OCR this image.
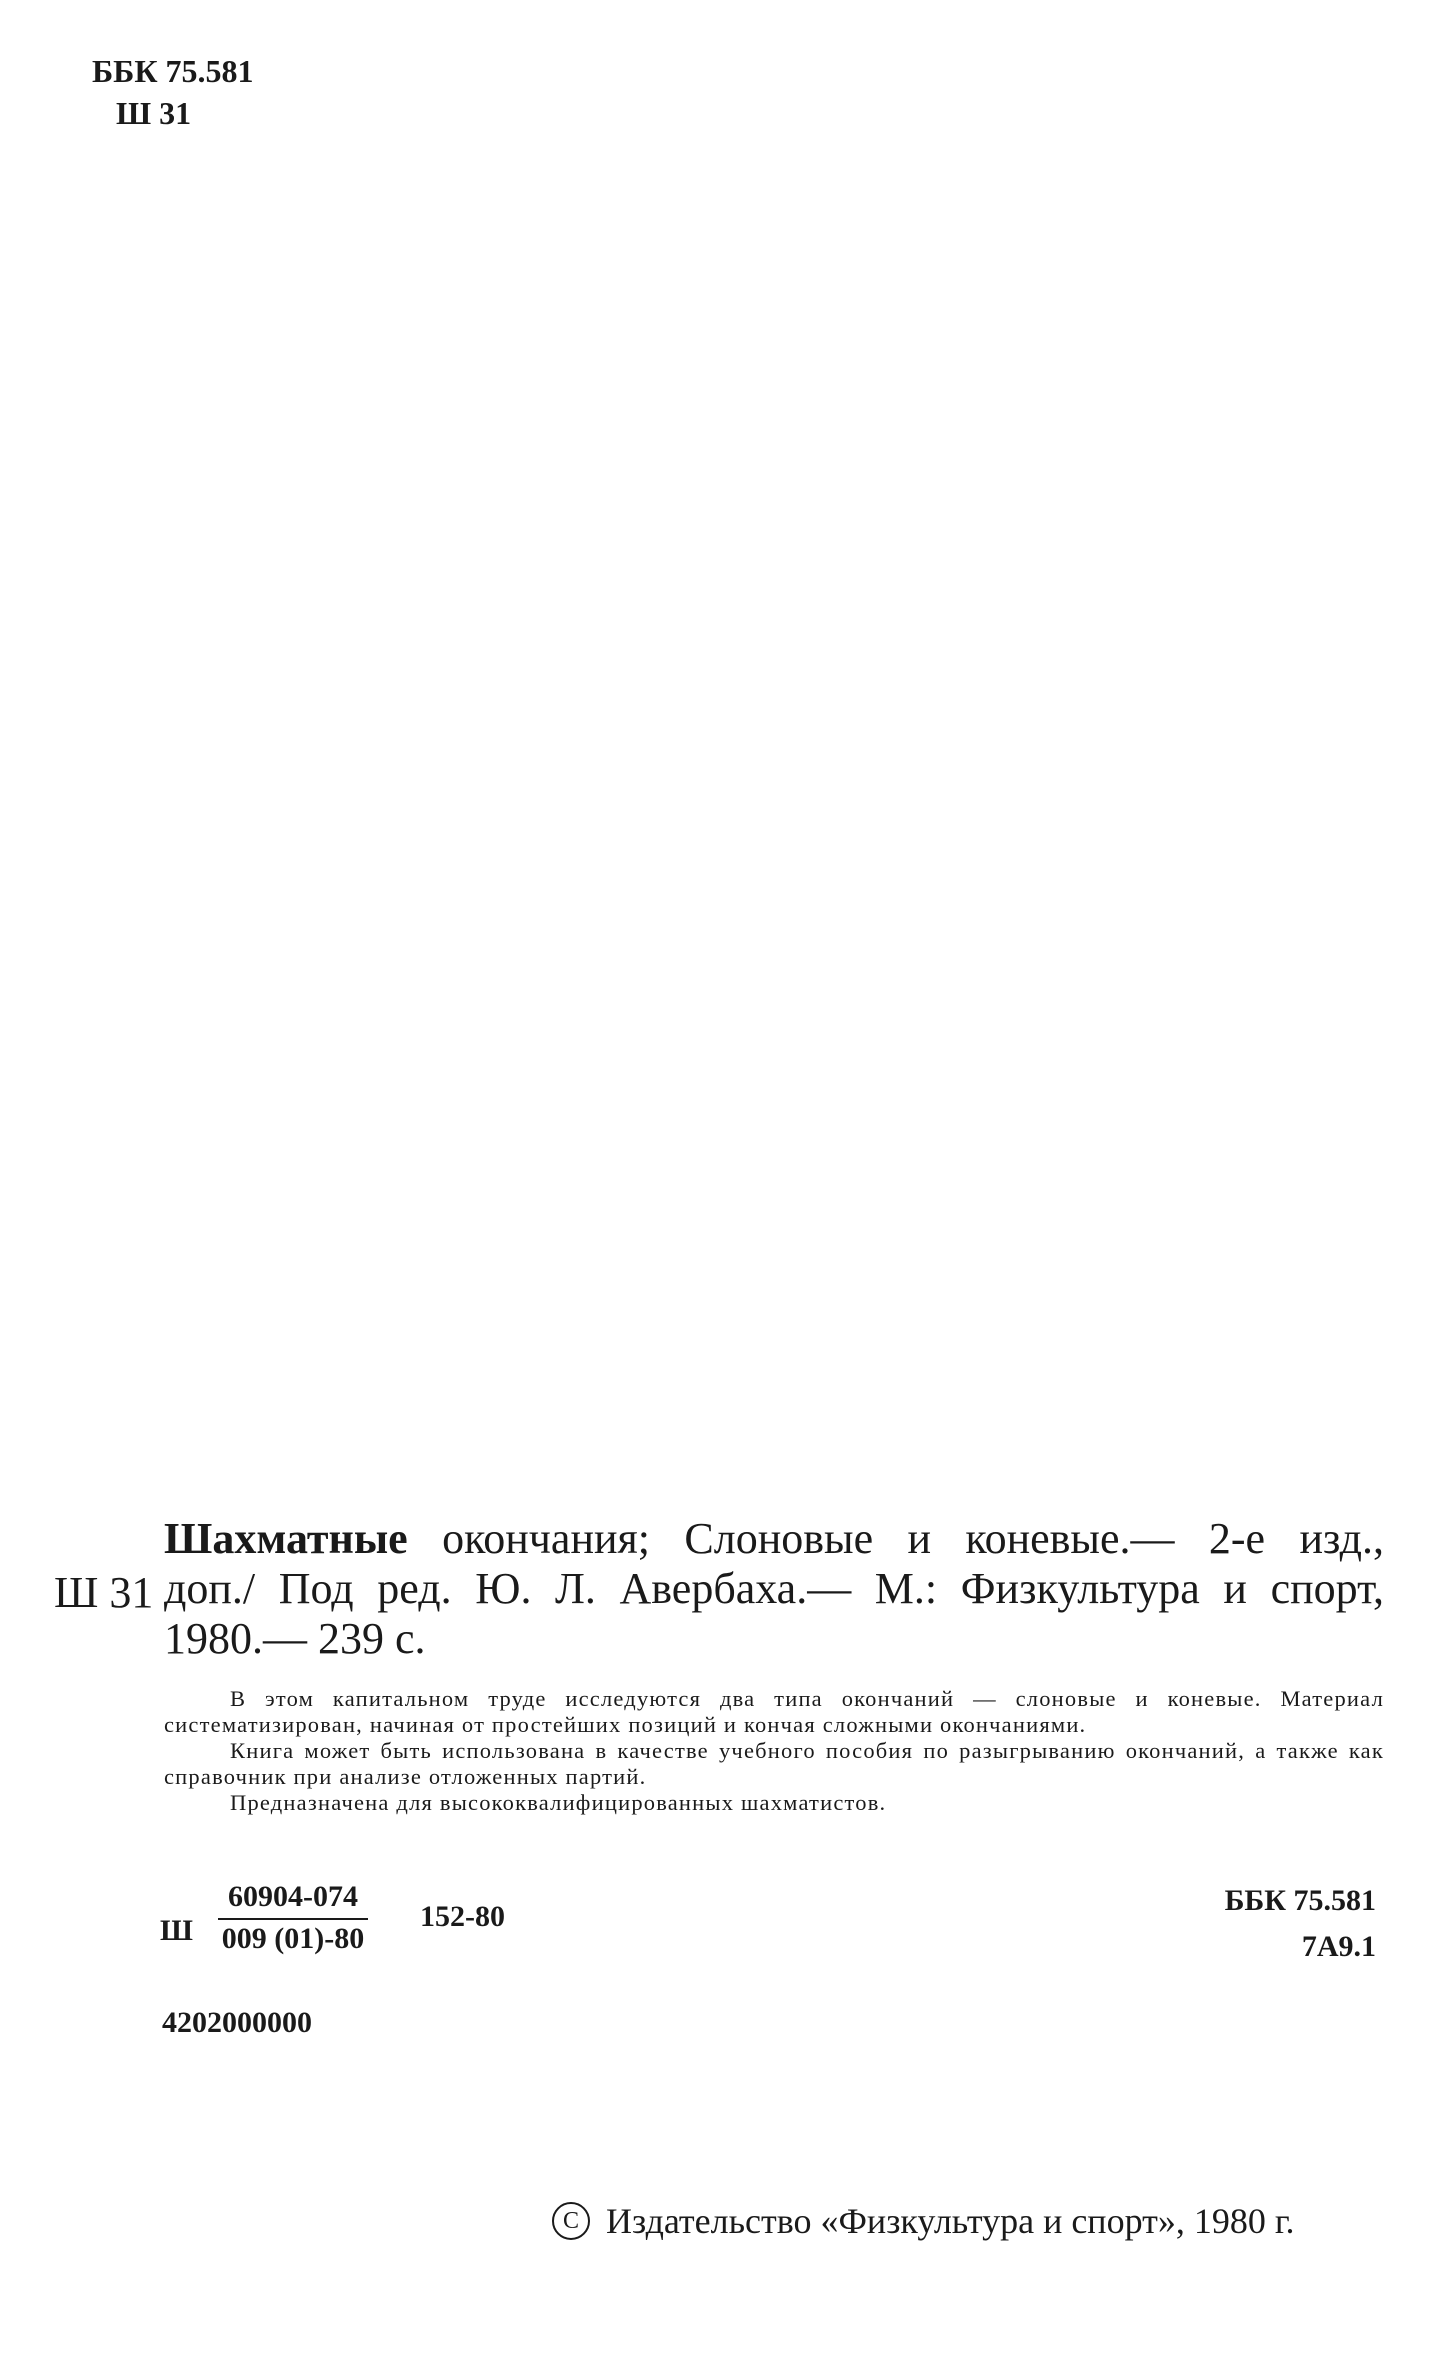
ББК 75.581
Ш 31
Ш 31
Шахматные окончания; Слоновые и коневые.— 2-е изд.,
доп./ Под ред. Ю. Л. Авербаха.— М.: Физкультура и спорт,
1980.— 239 с.

В этом капитальном труде исследуются два типа окончаний — слоновые и коневые. Материал систематизирован, начиная от простейших позиций и кончая сложными окончаниями.

Книга может быть использована в качестве учебного пособия по разыгрыванию окончаний, а также как справочник при анализе отложенных партий.

Предназначена для высококвалифицированных шахматистов.

Ш $\frac{60904-074}{009 (01)-80} 152-80$	ББК 75.581
7А9.1
4202000000
С Издательство «Физкультура и спорт», 1980 г.
